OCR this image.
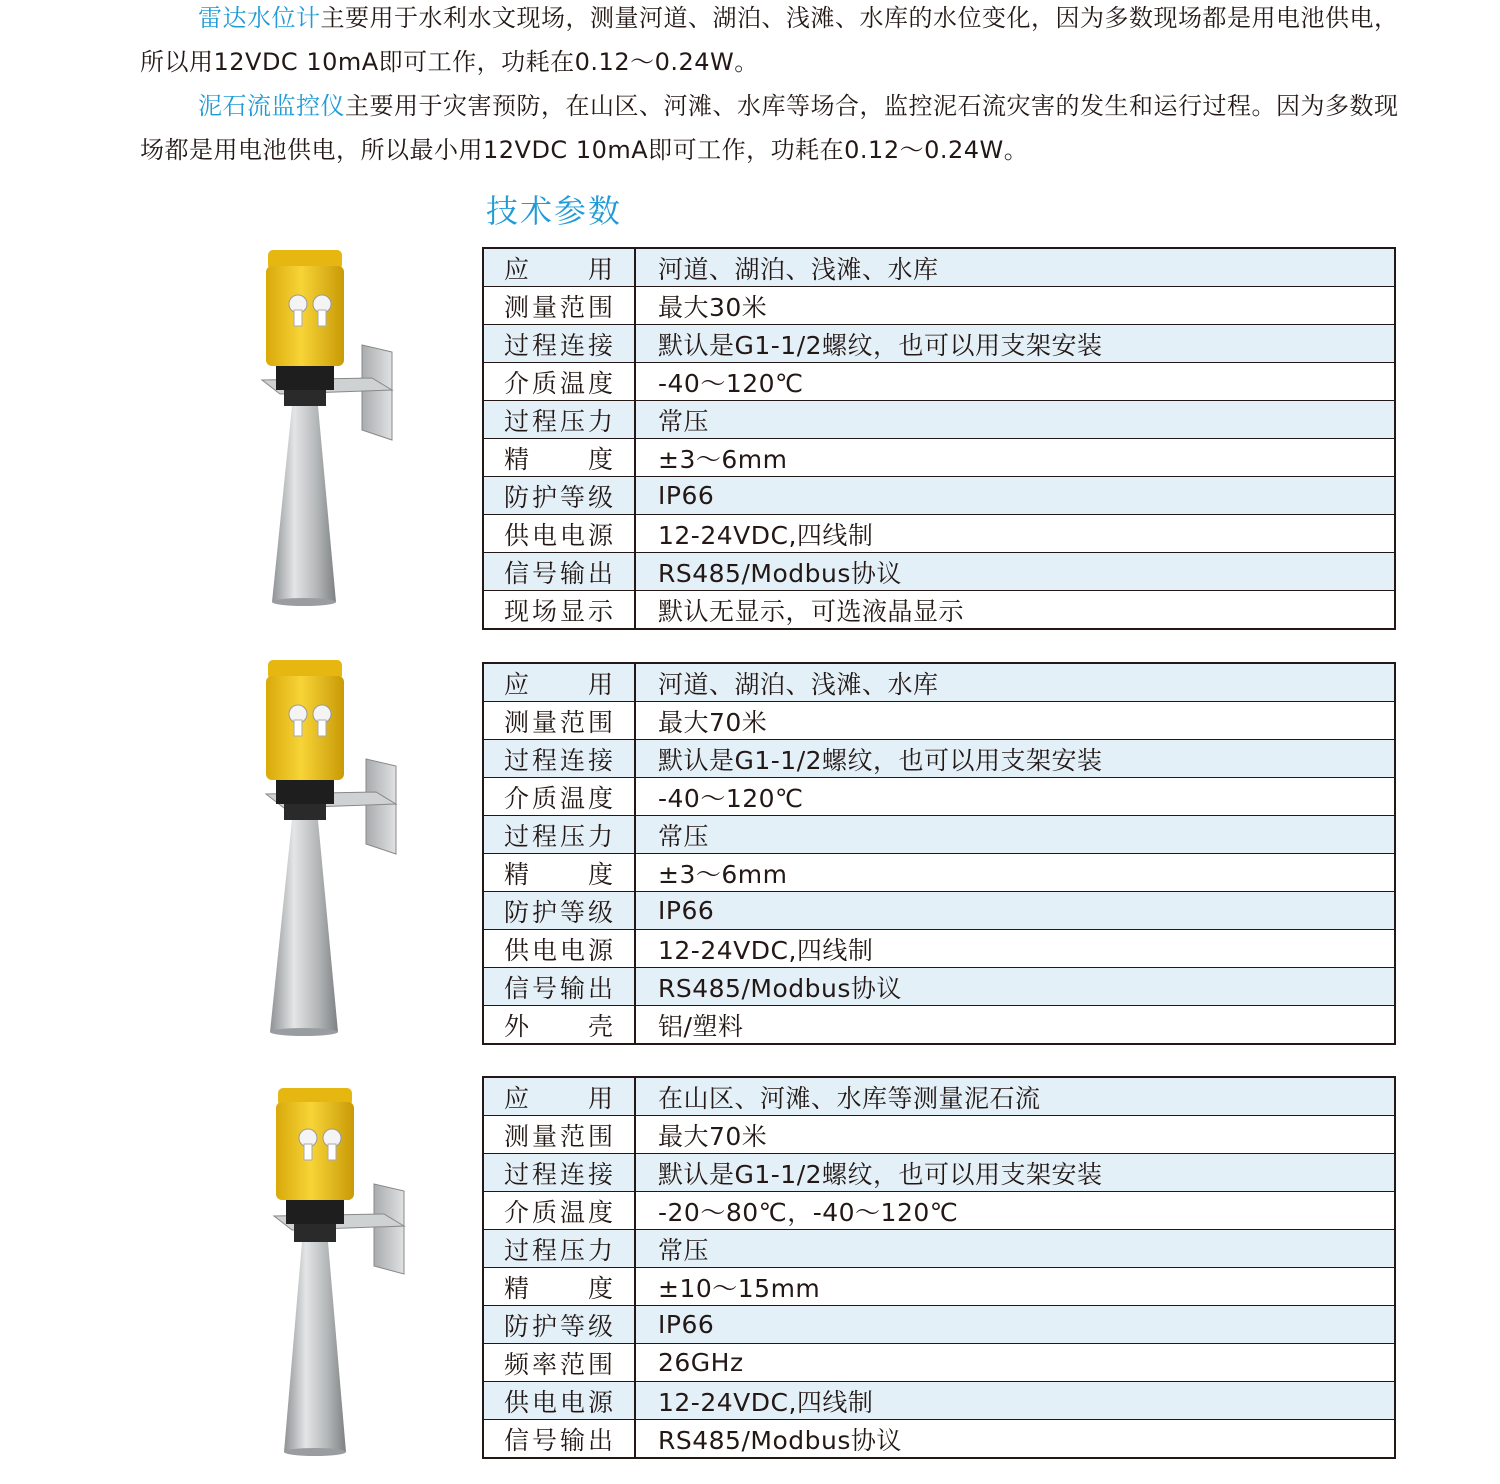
雷达水位计主要用于水利水文现场，测量河道、湖泊、浅滩、水库的水位变化，因为多数现场都是用电池供电，所以用12VDC 10mA即可工作，功耗在0.12～0.24W。

泥石流监控仪主要用于灾害预防，在山区、河滩、水库等场合，监控泥石流灾害的发生和运行过程。因为多数现场都是用电池供电，所以最小用12VDC 10mA即可工作，功耗在0.12～0.24W。

技术参数
应用	河道、湖泊、浅滩、水库
测量范围	最大30米
过程连接	默认是G1-1/2螺纹，也可以用支架安装
介质温度	-40～120℃
过程压力	常压
精度	±3～6mm
防护等级	IP66
供电电源	12-24VDC,四线制
信号输出	RS485/Modbus协议
现场显示	默认无显示，可选液晶显示
应用	河道、湖泊、浅滩、水库
测量范围	最大70米
过程连接	默认是G1-1/2螺纹，也可以用支架安装
介质温度	-40～120℃
过程压力	常压
精度	±3～6mm
防护等级	IP66
供电电源	12-24VDC,四线制
信号输出	RS485/Modbus协议
外壳	铝/塑料
应用	在山区、河滩、水库等测量泥石流
测量范围	最大70米
过程连接	默认是G1-1/2螺纹，也可以用支架安装
介质温度	-20～80℃，-40～120℃
过程压力	常压
精度	±10～15mm
防护等级	IP66
频率范围	26GHz
供电电源	12-24VDC,四线制
信号输出	RS485/Modbus协议
